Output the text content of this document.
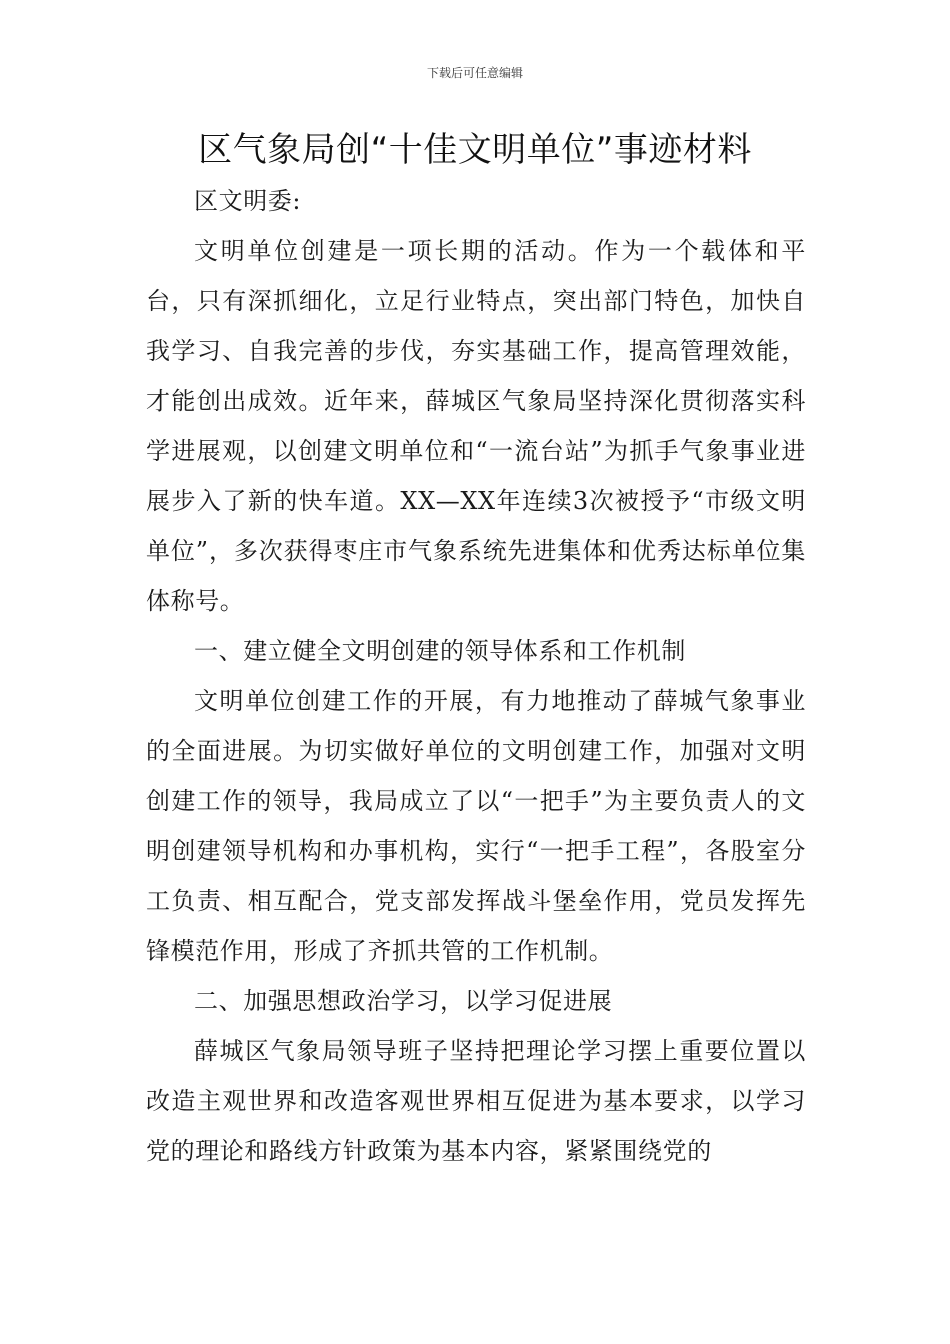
下载后可任意编辑
区气象局创“十佳文明单位”事迹材料

区文明委:

文明单位创建是一项长期的活动。作为一个载体和平台，只有深抓细化，立足行业特点，突出部门特色，加快自我学习、自我完善的步伐，夯实基础工作，提高管理效能，才能创出成效。近年来，薛城区气象局坚持深化贯彻落实科学进展观，以创建文明单位和“一流台站”为抓手气象事业进展步入了新的快车道。XX—XX年连续3次被授予“市级文明单位”，多次获得枣庄市气象系统先进集体和优秀达标单位集体称号。

一、建立健全文明创建的领导体系和工作机制

文明单位创建工作的开展，有力地推动了薛城气象事业的全面进展。为切实做好单位的文明创建工作，加强对文明创建工作的领导，我局成立了以“一把手”为主要负责人的文明创建领导机构和办事机构，实行“一把手工程”，各股室分工负责、相互配合，党支部发挥战斗堡垒作用，党员发挥先锋模范作用，形成了齐抓共管的工作机制。

二、加强思想政治学习，以学习促进展

薛城区气象局领导班子坚持把理论学习摆上重要位置以改造主观世界和改造客观世界相互促进为基本要求，以学习党的理论和路线方针政策为基本内容，紧紧围绕党的
